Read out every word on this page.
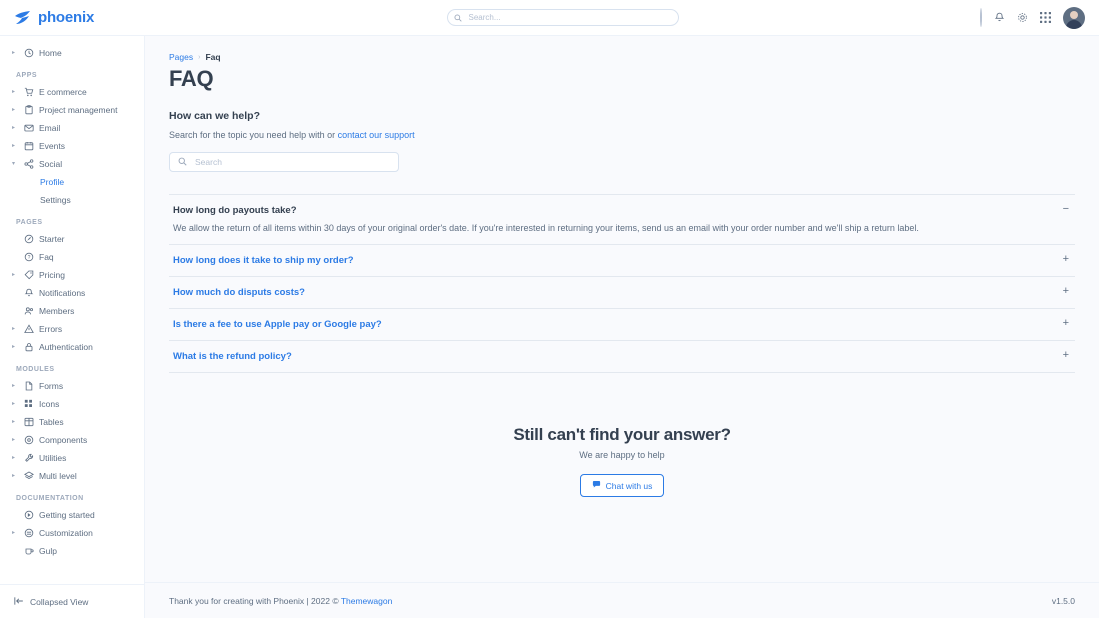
phoenix
Search...
▸	Home
APPS
▸	E commerce
▸	Project management
▸	Email
▸	Events
▾	Social
Profile
Settings
PAGES
Starter
? Faq
▸	Pricing
Notifications
Members
▸	Errors
▸	Authentication
MODULES
▸	Forms
▸	Icons
▸	Tables
▸	Components
▸	Utilities
▸	Multi level
DOCUMENTATION
Getting started
▸	Customization
Gulp
Collapsed View
Pages › Faq
FAQ
How can we help?
Search for the topic you need help with or contact our support
Search
How long do payouts take?	−
We allow the return of all items within 30 days of your original order's date. If you're interested in returning your items, send us an email with your order number and we'll ship a return label.
How long does it take to ship my order?	+
How much do disputs costs?	+
Is there a fee to use Apple pay or Google pay?	+
What is the refund policy?	+
Still can't find your answer?
We are happy to help
Chat with us
Thank you for creating with Phoenix | 2022 © Themewagon	v1.5.0
